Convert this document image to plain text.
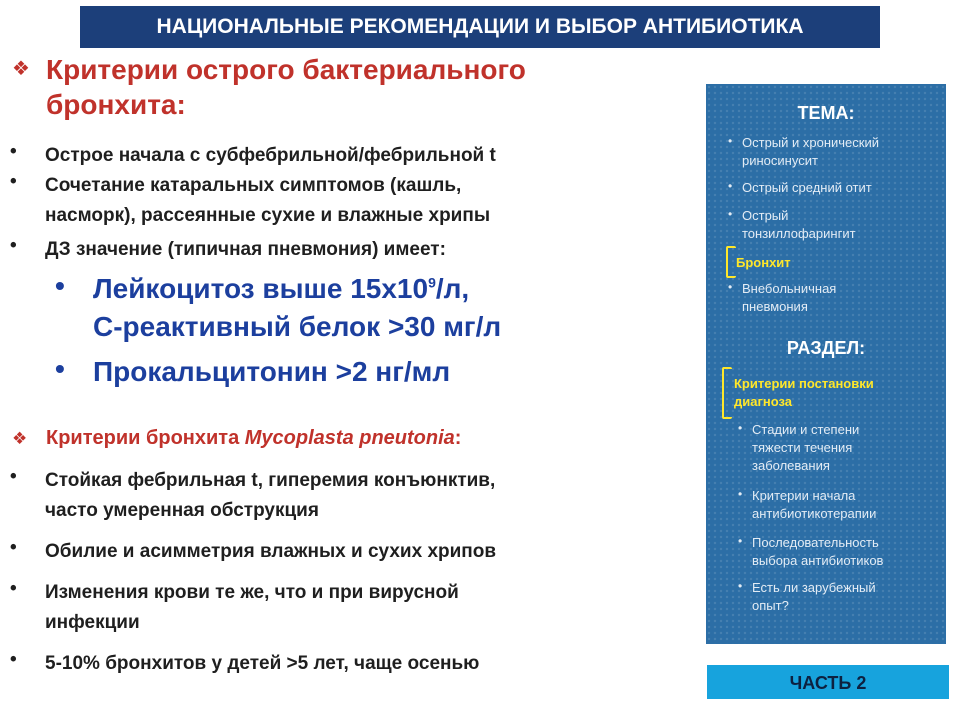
НАЦИОНАЛЬНЫЕ РЕКОМЕНДАЦИИ И ВЫБОР АНТИБИОТИКА
❖ Критерии острого бактериального
бронхита:
• Острое начала с субфебрильной/фебрильной t
• Сочетание катаральных симптомов (кашль,
насморк), рассеянные сухие и влажные хрипы
• ДЗ значение (типичная пневмония) имеет:
• Лейкоцитоз выше $15х10^9/л$,
С-реактивный белок >30 мг/л
• Прокальцитонин >2 нг/мл
❖ Критерии бронхита Mycoplasta pneutonia:
• Стойкая фебрильная t, гиперемия конъюнктив,
часто умеренная обструкция
• Обилие и асимметрия влажных и сухих хрипов
• Изменения крови те же, что и при вирусной
инфекции
• 5-10% бронхитов у детей >5 лет, чаще осенью
ТЕМА:
• Острый и хронический
риносинусит
• Острый средний отит
• Острый
тонзиллофарингит
Бронхит
• Внебольничная
пневмония
РАЗДЕЛ:
Критерии постановки
диагноза
• Стадии и степени
тяжести течения
заболевания
• Критерии начала
антибиотикотерапии
• Последовательность
выбора антибиотиков
• Есть ли зарубежный
опыт?
ЧАСТЬ 2
